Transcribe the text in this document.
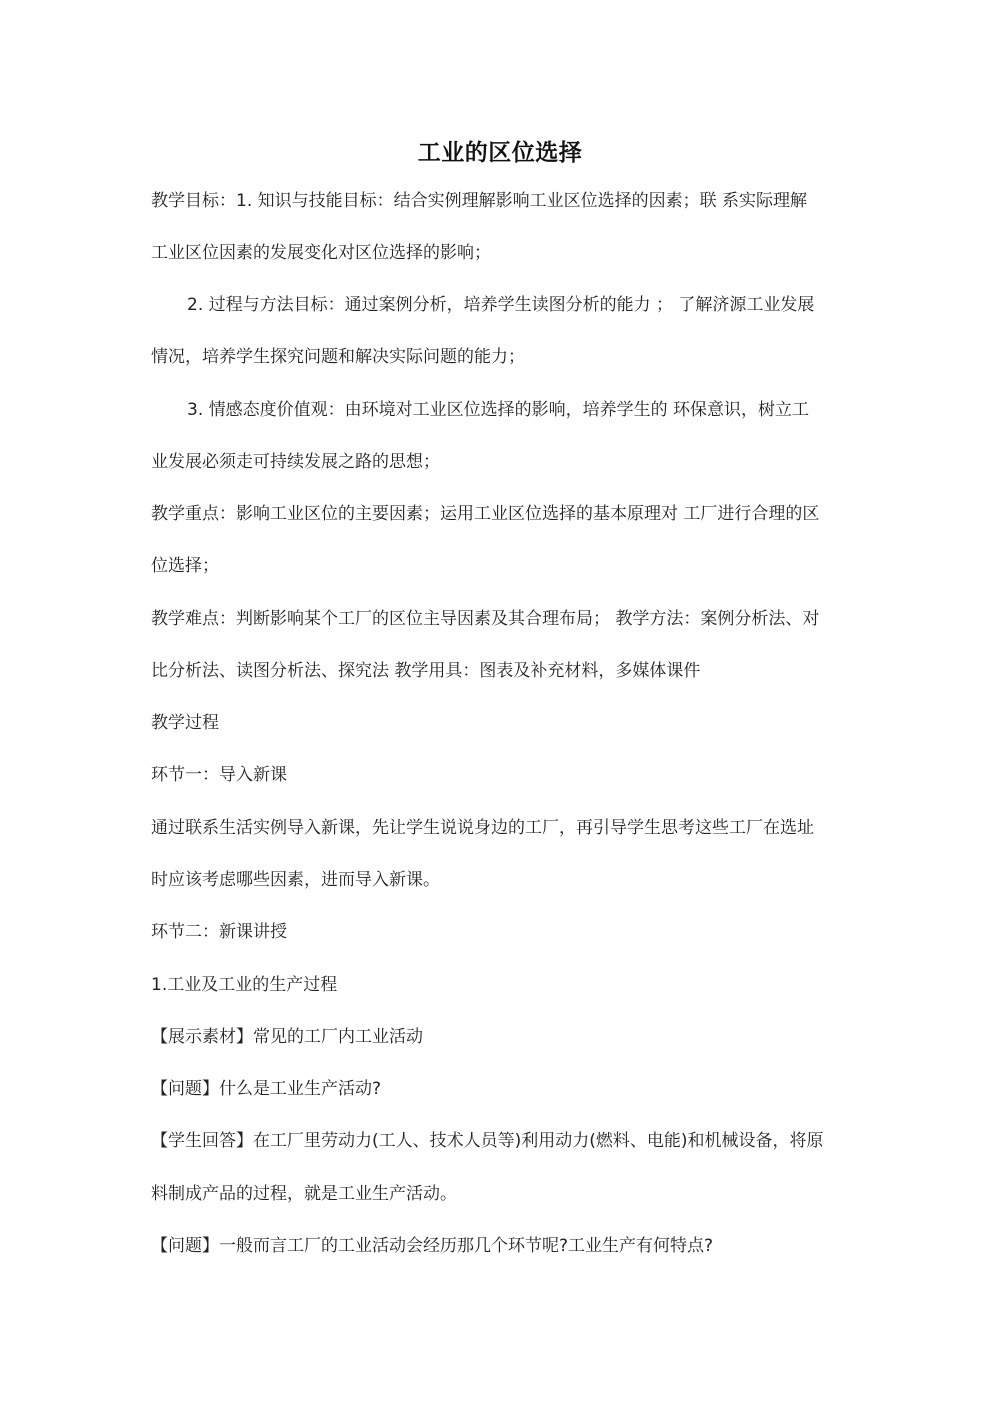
工业的区位选择
教学目标：1. 知识与技能目标：结合实例理解影响工业区位选择的因素；联 系实际理解
工业区位因素的发展变化对区位选择的影响；
2. 过程与方法目标：通过案例分析，培养学生读图分析的能力 ； 了解济源工业发展
情况，培养学生探究问题和解决实际问题的能力；
3. 情感态度价值观：由环境对工业区位选择的影响，培养学生的 环保意识，树立工
业发展必须走可持续发展之路的思想；
教学重点：影响工业区位的主要因素；运用工业区位选择的基本原理对 工厂进行合理的区
位选择；
教学难点：判断影响某个工厂的区位主导因素及其合理布局； 教学方法：案例分析法、对
比分析法、读图分析法、探究法 教学用具：图表及补充材料，多媒体课件
教学过程
环节一：导入新课
通过联系生活实例导入新课，先让学生说说身边的工厂，再引导学生思考这些工厂在选址
时应该考虑哪些因素，进而导入新课。
环节二：新课讲授
1.工业及工业的生产过程
【展示素材】常见的工厂内工业活动
【问题】什么是工业生产活动?
【学生回答】在工厂里劳动力(工人、技术人员等)利用动力(燃料、电能)和机械设备，将原
料制成产品的过程，就是工业生产活动。
【问题】一般而言工厂的工业活动会经历那几个环节呢?工业生产有何特点?
